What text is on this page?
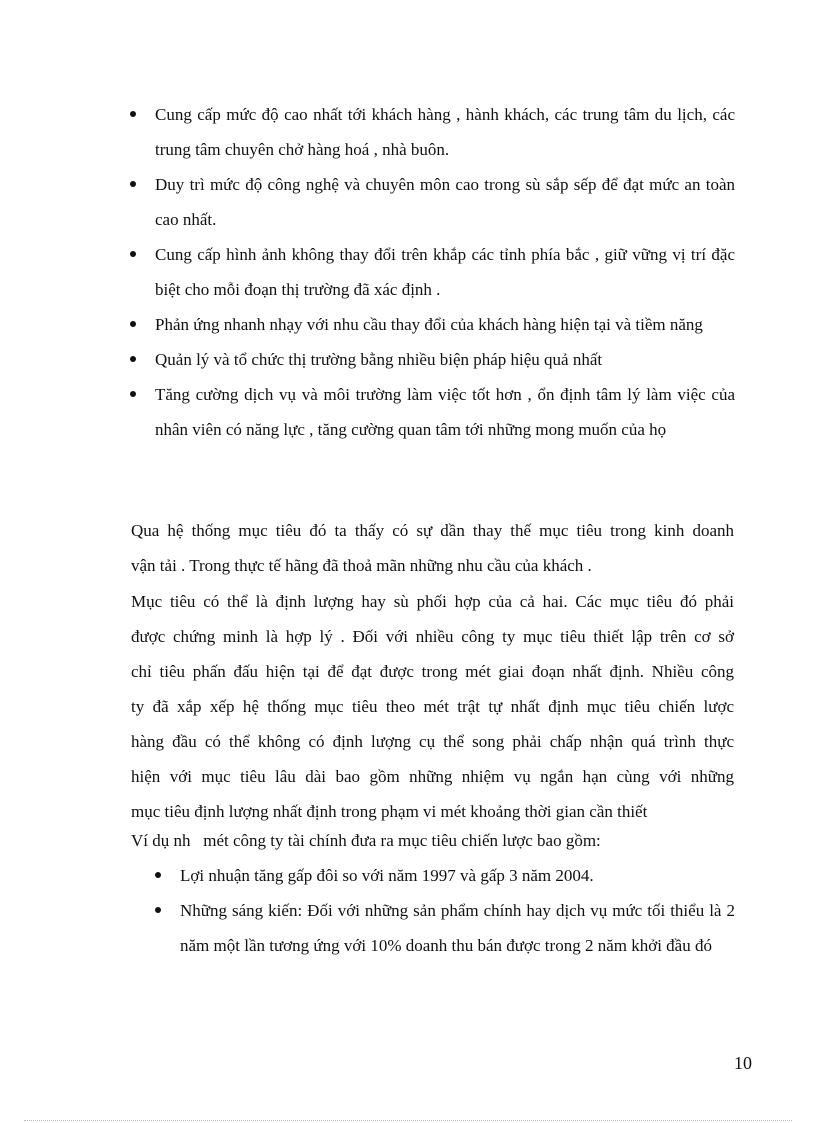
Cung cấp mức độ cao nhất tới khách hàng , hành khách, các trung tâm du lịch, các trung tâm chuyên chở hàng hoá , nhà buôn.
Duy trì mức độ công nghệ và chuyên môn cao trong sù sắp sếp để đạt mức an toàn cao nhất.
Cung cấp hình ảnh không thay đổi trên khắp các tỉnh phía bắc , giữ vững vị trí đặc biệt cho mỗi đoạn thị trường đã xác định .
Phản ứng nhanh nhạy với nhu cầu thay đổi của khách hàng hiện tại và tiềm năng
Quản lý và tổ chức thị trường bằng nhiều biện pháp hiệu quả nhất
Tăng cường dịch vụ và môi trường làm việc tốt hơn , ổn định tâm lý làm việc của nhân viên có năng lực , tăng cường quan tâm tới những mong muốn của họ

Qua hệ thống mục tiêu đó ta thấy có sự dần thay thế mục tiêu trong kinh doanh
vận tải . Trong thực tế hãng đã thoả mãn những nhu cầu của khách .

Mục tiêu có thể là định lượng hay sù phối hợp của cả hai. Các mục tiêu đó phải
được chứng minh là hợp lý . Đối với nhiều công ty mục tiêu thiết lập trên cơ sở
chỉ tiêu phấn đấu hiện tại để đạt được trong mét giai đoạn nhất định. Nhiều công
ty đã xắp xếp hệ thống mục tiêu theo mét trật tự nhất định mục tiêu chiến lược
hàng đầu có thể không có định lượng cụ thể song phải chấp nhận quá trình thực
hiện với mục tiêu lâu dài bao gồm những nhiệm vụ ngắn hạn cùng với những
mục tiêu định lượng nhất định trong phạm vi mét khoảng thời gian cần thiết

Ví dụ nh   mét công ty tài chính đưa ra mục tiêu chiến lược bao gồm:

Lợi nhuận tăng gấp đôi so với năm 1997 và gấp 3 năm 2004.
Những sáng kiến: Đối với những sản phẩm chính hay dịch vụ mức tối thiểu là 2 năm một lần tương ứng với 10% doanh thu bán được trong 2 năm khởi đầu đó
10
